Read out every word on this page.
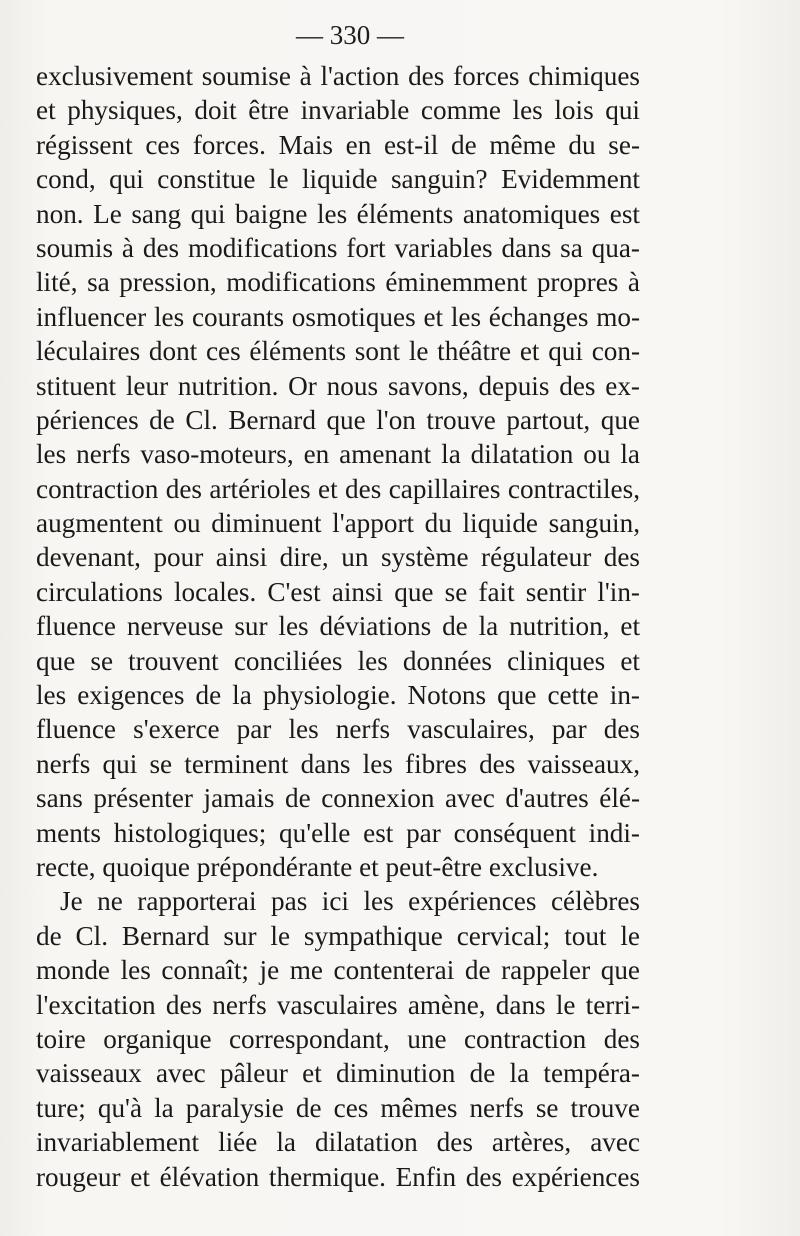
— 330 —
exclusivement soumise à l'action des forces chimiques
et physiques, doit être invariable comme les lois qui
régissent ces forces. Mais en est-il de même du se-
cond, qui constitue le liquide sanguin? Evidemment
non. Le sang qui baigne les éléments anatomiques est
soumis à des modifications fort variables dans sa qua-
lité, sa pression, modifications éminemment propres à
influencer les courants osmotiques et les échanges mo-
léculaires dont ces éléments sont le théâtre et qui con-
stituent leur nutrition. Or nous savons, depuis des ex-
périences de Cl. Bernard que l'on trouve partout, que
les nerfs vaso-moteurs, en amenant la dilatation ou la
contraction des artérioles et des capillaires contractiles,
augmentent ou diminuent l'apport du liquide sanguin,
devenant, pour ainsi dire, un système régulateur des
circulations locales. C'est ainsi que se fait sentir l'in-
fluence nerveuse sur les déviations de la nutrition, et
que se trouvent conciliées les données cliniques et
les exigences de la physiologie. Notons que cette in-
fluence s'exerce par les nerfs vasculaires, par des
nerfs qui se terminent dans les fibres des vaisseaux,
sans présenter jamais de connexion avec d'autres élé-
ments histologiques; qu'elle est par conséquent indi-
recte, quoique prépondérante et peut-être exclusive.
Je ne rapporterai pas ici les expériences célèbres
de Cl. Bernard sur le sympathique cervical; tout le
monde les connaît; je me contenterai de rappeler que
l'excitation des nerfs vasculaires amène, dans le terri-
toire organique correspondant, une contraction des
vaisseaux avec pâleur et diminution de la tempéra-
ture; qu'à la paralysie de ces mêmes nerfs se trouve
invariablement liée la dilatation des artères, avec
rougeur et élévation thermique. Enfin des expériences
